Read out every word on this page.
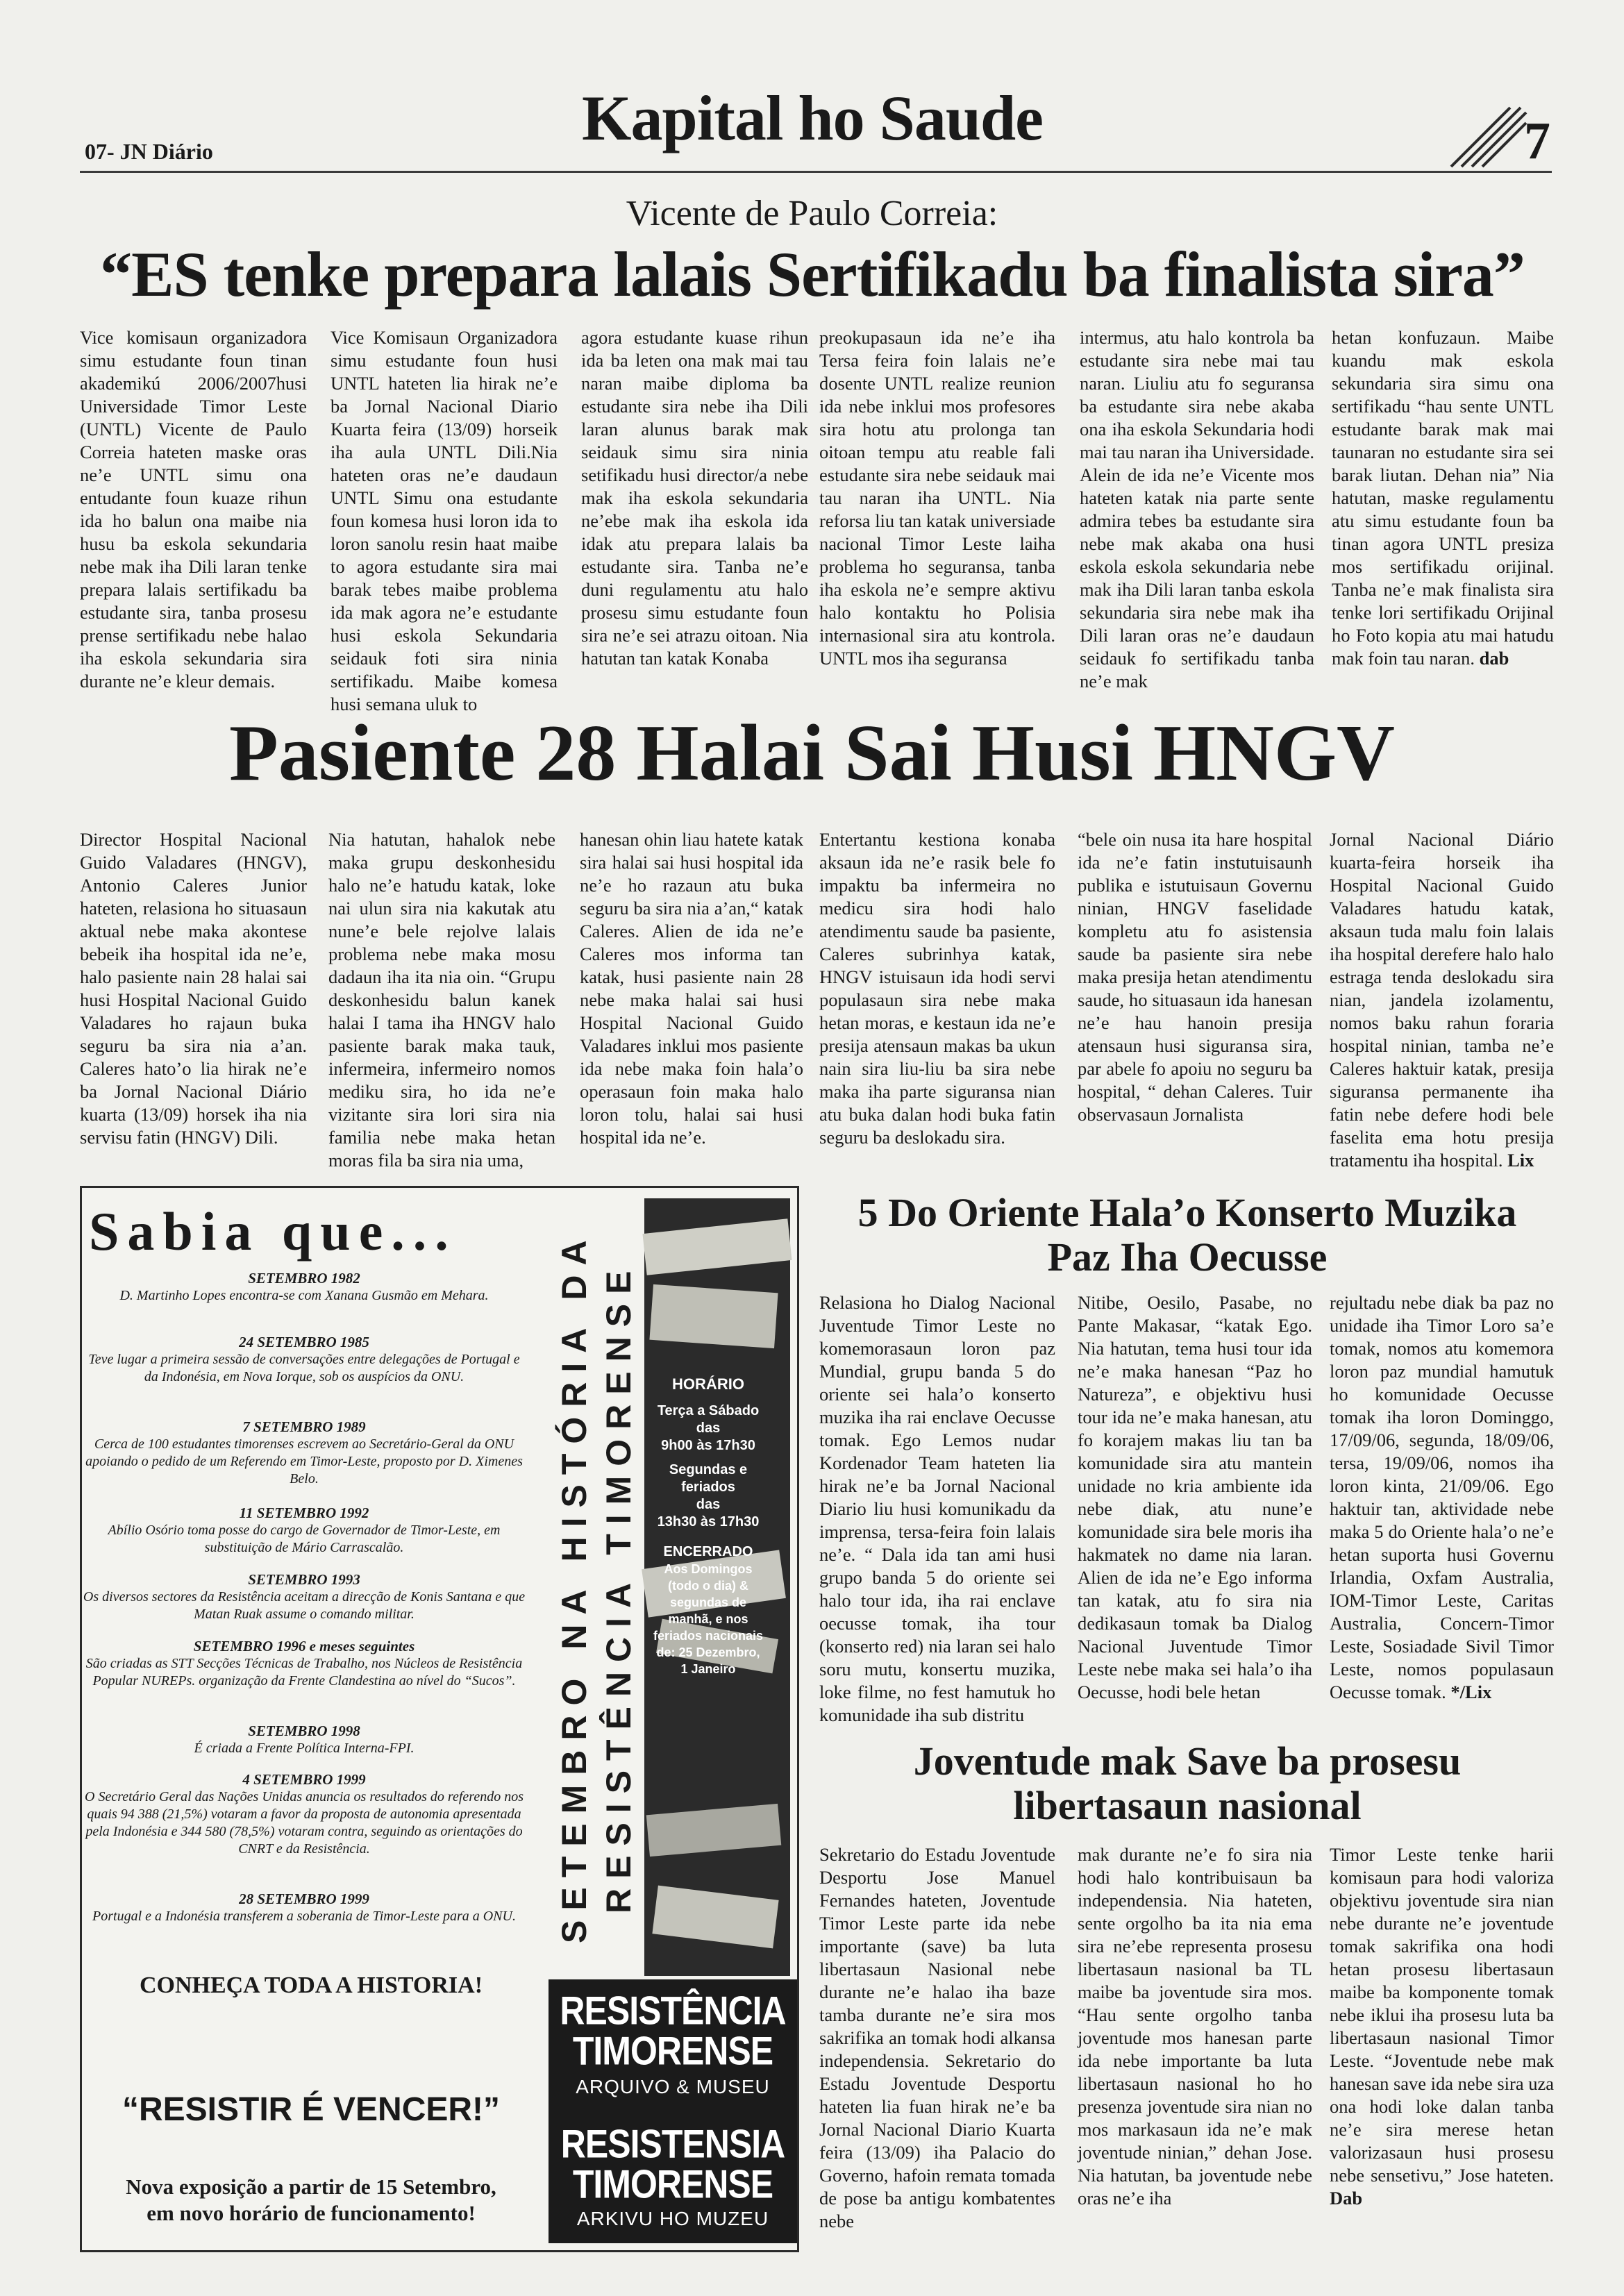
07- JN Diário	Kapital ho Saude	7
Vicente de Paulo Correia:
“ES tenke prepara lalais Sertifikadu ba finalista sira”

Vice komisaun organizadora simu estudante foun tinan akademikú 2006/2007husi Universidade Timor Leste (UNTL) Vicente de Paulo Correia hateten maske oras ne’e UNTL simu ona entudante foun kuaze rihun ida ho balun ona maibe nia husu ba eskola sekundaria nebe mak iha Dili laran tenke prepara lalais sertifikadu ba estudante sira, tanba prosesu prense sertifikadu nebe halao iha eskola sekundaria sira durante ne’e kleur demais.

Vice Komisaun Organizadora simu estudante foun husi UNTL hateten lia hirak ne’e ba Jornal Nacional Diario Kuarta feira (13/09) horseik iha aula UNTL Dili.Nia hateten oras ne’e daudaun UNTL Simu ona estudante foun komesa husi loron ida to loron sanolu resin haat maibe to agora estudante sira mai barak tebes maibe problema ida mak agora ne’e estudante husi eskola Sekundaria seidauk foti sira ninia sertifikadu. Maibe komesa husi semana uluk to

agora estudante kuase rihun ida ba leten ona mak mai tau naran maibe diploma ba estudante sira nebe iha Dili laran alunus barak mak seidauk simu sira ninia setifikadu husi director/a nebe mak iha eskola sekundaria ne’ebe mak iha eskola ida idak atu prepara lalais ba estudante sira. Tanba ne’e duni regulamentu atu halo prosesu simu estudante foun sira ne’e sei atrazu oitoan. Nia hatutan tan katak Konaba

preokupasaun ida ne’e iha Tersa feira foin lalais ne’e dosente UNTL realize reunion ida nebe inklui mos profesores sira hotu atu prolonga tan oitoan tempu atu reable fali estudante sira nebe seidauk mai tau naran iha UNTL. Nia reforsa liu tan katak universiade nacional Timor Leste laiha problema ho seguransa, tanba iha eskola ne’e sempre aktivu halo kontaktu ho Polisia internasional sira atu kontrola. UNTL mos iha seguransa

intermus, atu halo kontrola ba estudante sira nebe mai tau naran. Liuliu atu fo seguransa ba estudante sira nebe akaba ona iha eskola Sekundaria hodi mai tau naran iha Universidade. Alein de ida ne’e Vicente mos hateten katak nia parte sente admira tebes ba estudante sira nebe mak akaba ona husi eskola eskola sekundaria nebe mak iha Dili laran tanba eskola sekundaria sira nebe mak iha Dili laran oras ne’e daudaun seidauk fo sertifikadu tanba ne’e mak

hetan konfuzaun. Maibe kuandu mak eskola sekundaria sira simu ona sertifikadu “hau sente UNTL estudante barak mak mai taunaran no estudante sira sei barak liutan. Dehan nia” Nia hatutan, maske regulamentu atu simu estudante foun ba tinan agora UNTL presiza mos sertifikadu orijinal. Tanba ne’e mak finalista sira tenke lori sertifikadu Orijinal ho Foto kopia atu mai hatudu mak foin tau naran. dab

Pasiente 28 Halai Sai Husi HNGV

Director Hospital Nacional Guido Valadares (HNGV), Antonio Caleres Junior hateten, relasiona ho situasaun aktual nebe maka akontese bebeik iha hospital ida ne’e, halo pasiente nain 28 halai sai husi Hospital Nacional Guido Valadares ho rajaun buka seguru ba sira nia a’an. Caleres hato’o lia hirak ne’e ba Jornal Nacional Diário kuarta (13/09) horsek iha nia servisu fatin (HNGV) Dili.

Nia hatutan, hahalok nebe maka grupu deskonhesidu halo ne’e hatudu katak, loke nai ulun sira nia kakutak atu nune’e bele rejolve lalais problema nebe maka mosu dadaun iha ita nia oin. “Grupu deskonhesidu balun kanek halai I tama iha HNGV halo pasiente barak maka tauk, infermeira, infermeiro nomos mediku sira, ho ida ne’e vizitante sira lori sira nia familia nebe maka hetan moras fila ba sira nia uma,

hanesan ohin liau hatete katak sira halai sai husi hospital ida ne’e ho razaun atu buka seguru ba sira nia a’an,“ katak Caleres. Alien de ida ne’e Caleres mos informa tan katak, husi pasiente nain 28 nebe maka halai sai husi Hospital Nacional Guido Valadares inklui mos pasiente ida nebe maka foin hala’o operasaun foin maka halo loron tolu, halai sai husi hospital ida ne’e.

Entertantu kestiona konaba aksaun ida ne’e rasik bele fo impaktu ba infermeira no medicu sira hodi halo atendimentu saude ba pasiente, Caleres subrinhya katak, HNGV istuisaun ida hodi servi populasaun sira nebe maka hetan moras, e kestaun ida ne’e presija atensaun makas ba ukun nain sira liu-liu ba sira nebe maka iha parte siguransa nian atu buka dalan hodi buka fatin seguru ba deslokadu sira.

“bele oin nusa ita hare hospital ida ne’e fatin instutuisaunh publika e istutuisaun Governu ninian, HNGV faselidade kompletu atu fo asistensia saude ba pasiente sira nebe maka presija hetan atendimentu saude, ho situasaun ida hanesan ne’e hau hanoin presija atensaun husi siguransa sira, par abele fo apoiu no seguru ba hospital, “ dehan Caleres. Tuir observasaun Jornalista

Jornal Nacional Diário kuarta-feira horseik iha Hospital Nacional Guido Valadares hatudu katak, aksaun tuda malu foin lalais iha hospital derefere halo halo estraga tenda deslokadu sira nian, jandela izolamentu, nomos baku rahun foraria hospital ninian, tamba ne’e Caleres haktuir katak, presija siguransa permanente iha fatin nebe defere hodi bele faselita ema hotu presija tratamentu iha hospital. Lix

Sabia que...
SETEMBRO 1982
D. Martinho Lopes encontra-se com Xanana Gusmão em Mehara.
24 SETEMBRO 1985
Teve lugar a primeira sessão de conversações entre delegações de Portugal e da Indonésia, em Nova Iorque, sob os auspícios da ONU.
7 SETEMBRO 1989
Cerca de 100 estudantes timorenses escrevem ao Secretário-Geral da ONU apoiando o pedido de um Referendo em Timor-Leste, proposto por D. Ximenes Belo.
11 SETEMBRO 1992
Abílio Osório toma posse do cargo de Governador de Timor-Leste, em substituição de Mário Carrascalão.
SETEMBRO 1993
Os diversos sectores da Resistência aceitam a direcção de Konis Santana e que Matan Ruak assume o comando militar.
SETEMBRO 1996 e meses seguintes
São criadas as STT Secções Técnicas de Trabalho, nos Núcleos de Resistência Popular NUREPs. organização da Frente Clandestina ao nível do “Sucos”.
SETEMBRO 1998
É criada a Frente Política Interna-FPI.
4 SETEMBRO 1999
O Secretário Geral das Nações Unidas anuncia os resultados do referendo nos quais 94 388 (21,5%) votaram a favor da proposta de autonomia apresentada pela Indonésia e 344 580 (78,5%) votaram contra, seguindo as orientações do CNRT e da Resistência.
28 SETEMBRO 1999
Portugal e a Indonésia transferem a soberania de Timor-Leste para a ONU.
CONHEÇA TODA A HISTORIA!
“RESISTIR É VENCER!”
Nova exposição a partir de 15 Setembro,
em novo horário de funcionamento!
SETEMBRO NA HISTÓRIA DA RESISTÊNCIA TIMORENSE	HORÁRIO
Terça a Sábado
das
9h00 às 17h30
Segundas e feriados
das
13h30 às 17h30
ENCERRADO
Aos Domingos (todo o dia) & segundas de manhã, e nos feriados nacionais de: 25 Dezembro, 1 Janeiro
RESISTÊNCIA
TIMORENSE
ARQUIVO & MUSEU
RESISTENSIA
TIMORENSE
ARKIVU HO MUZEU
5 Do Oriente Hala’o Konserto Muzika
Paz Iha Oecusse

Relasiona ho Dialog Nacional Juventude Timor Leste no komemorasaun loron paz Mundial, grupu banda 5 do oriente sei hala’o konserto muzika iha rai enclave Oecusse tomak. Ego Lemos nudar Kordenador Team hateten lia hirak ne’e ba Jornal Nacional Diario liu husi komunikadu da imprensa, tersa-feira foin lalais ne’e. “ Dala ida tan ami husi grupo banda 5 do oriente sei halo tour ida, iha rai enclave oecusse tomak, iha tour (konserto red) nia laran sei halo soru mutu, konsertu muzika, loke filme, no fest hamutuk ho komunidade iha sub distritu

Nitibe, Oesilo, Pasabe, no Pante Makasar, “katak Ego. Nia hatutan, tema husi tour ida ne’e maka hanesan “Paz ho Natureza”, e objektivu husi tour ida ne’e maka hanesan, atu fo korajem makas liu tan ba komunidade sira atu mantein unidade no kria ambiente ida nebe diak, atu nune’e komunidade sira bele moris iha hakmatek no dame nia laran. Alien de ida ne’e Ego informa tan katak, atu fo sira nia dedikasaun tomak ba Dialog Nacional Juventude Timor Leste nebe maka sei hala’o iha Oecusse, hodi bele hetan

rejultadu nebe diak ba paz no unidade iha Timor Loro sa’e tomak, nomos atu komemora loron paz mundial hamutuk ho komunidade Oecusse tomak iha loron Dominggo, 17/09/06, segunda, 18/09/06, tersa, 19/09/06, nomos iha loron kinta, 21/09/06. Ego haktuir tan, aktividade nebe maka 5 do Oriente hala’o ne’e hetan suporta husi Governu Irlandia, Oxfam Australia, IOM-Timor Leste, Caritas Australia, Concern-Timor Leste, Sosiadade Sivil Timor Leste, nomos populasaun Oecusse tomak. */Lix

Joventude mak Save ba prosesu
libertasaun nasional

Sekretario do Estadu Joventude Desportu Jose Manuel Fernandes hateten, Joventude Timor Leste parte ida nebe importante (save) ba luta libertasaun Nasional nebe durante ne’e halao iha baze tamba durante ne’e sira mos sakrifika an tomak hodi alkansa independensia. Sekretario do Estadu Joventude Desportu hateten lia fuan hirak ne’e ba Jornal Nacional Diario Kuarta feira (13/09) iha Palacio do Governo, hafoin remata tomada de pose ba antigu kombatentes nebe

mak durante ne’e fo sira nia hodi halo kontribuisaun ba independensia. Nia hateten, sente orgolho ba ita nia ema sira ne’ebe representa prosesu libertasaun nasional ba TL maibe ba joventude sira mos. “Hau sente orgolho tanba joventude mos hanesan parte ida nebe importante ba luta libertasaun nasional ho ho presenza joventude sira nian no mos markasaun ida ne’e mak joventude ninian,” dehan Jose. Nia hatutan, ba joventude nebe oras ne’e iha

Timor Leste tenke harii komisaun para hodi valoriza objektivu joventude sira nian nebe durante ne’e joventude tomak sakrifika ona hodi hetan prosesu libertasaun maibe ba komponente tomak nebe iklui iha prosesu luta ba libertasaun nasional Timor Leste. “Joventude nebe mak hanesan save ida nebe sira uza ona hodi loke dalan tanba ne’e sira merese hetan valorizasaun husi prosesu nebe sensetivu,” Jose hateten. Dab
